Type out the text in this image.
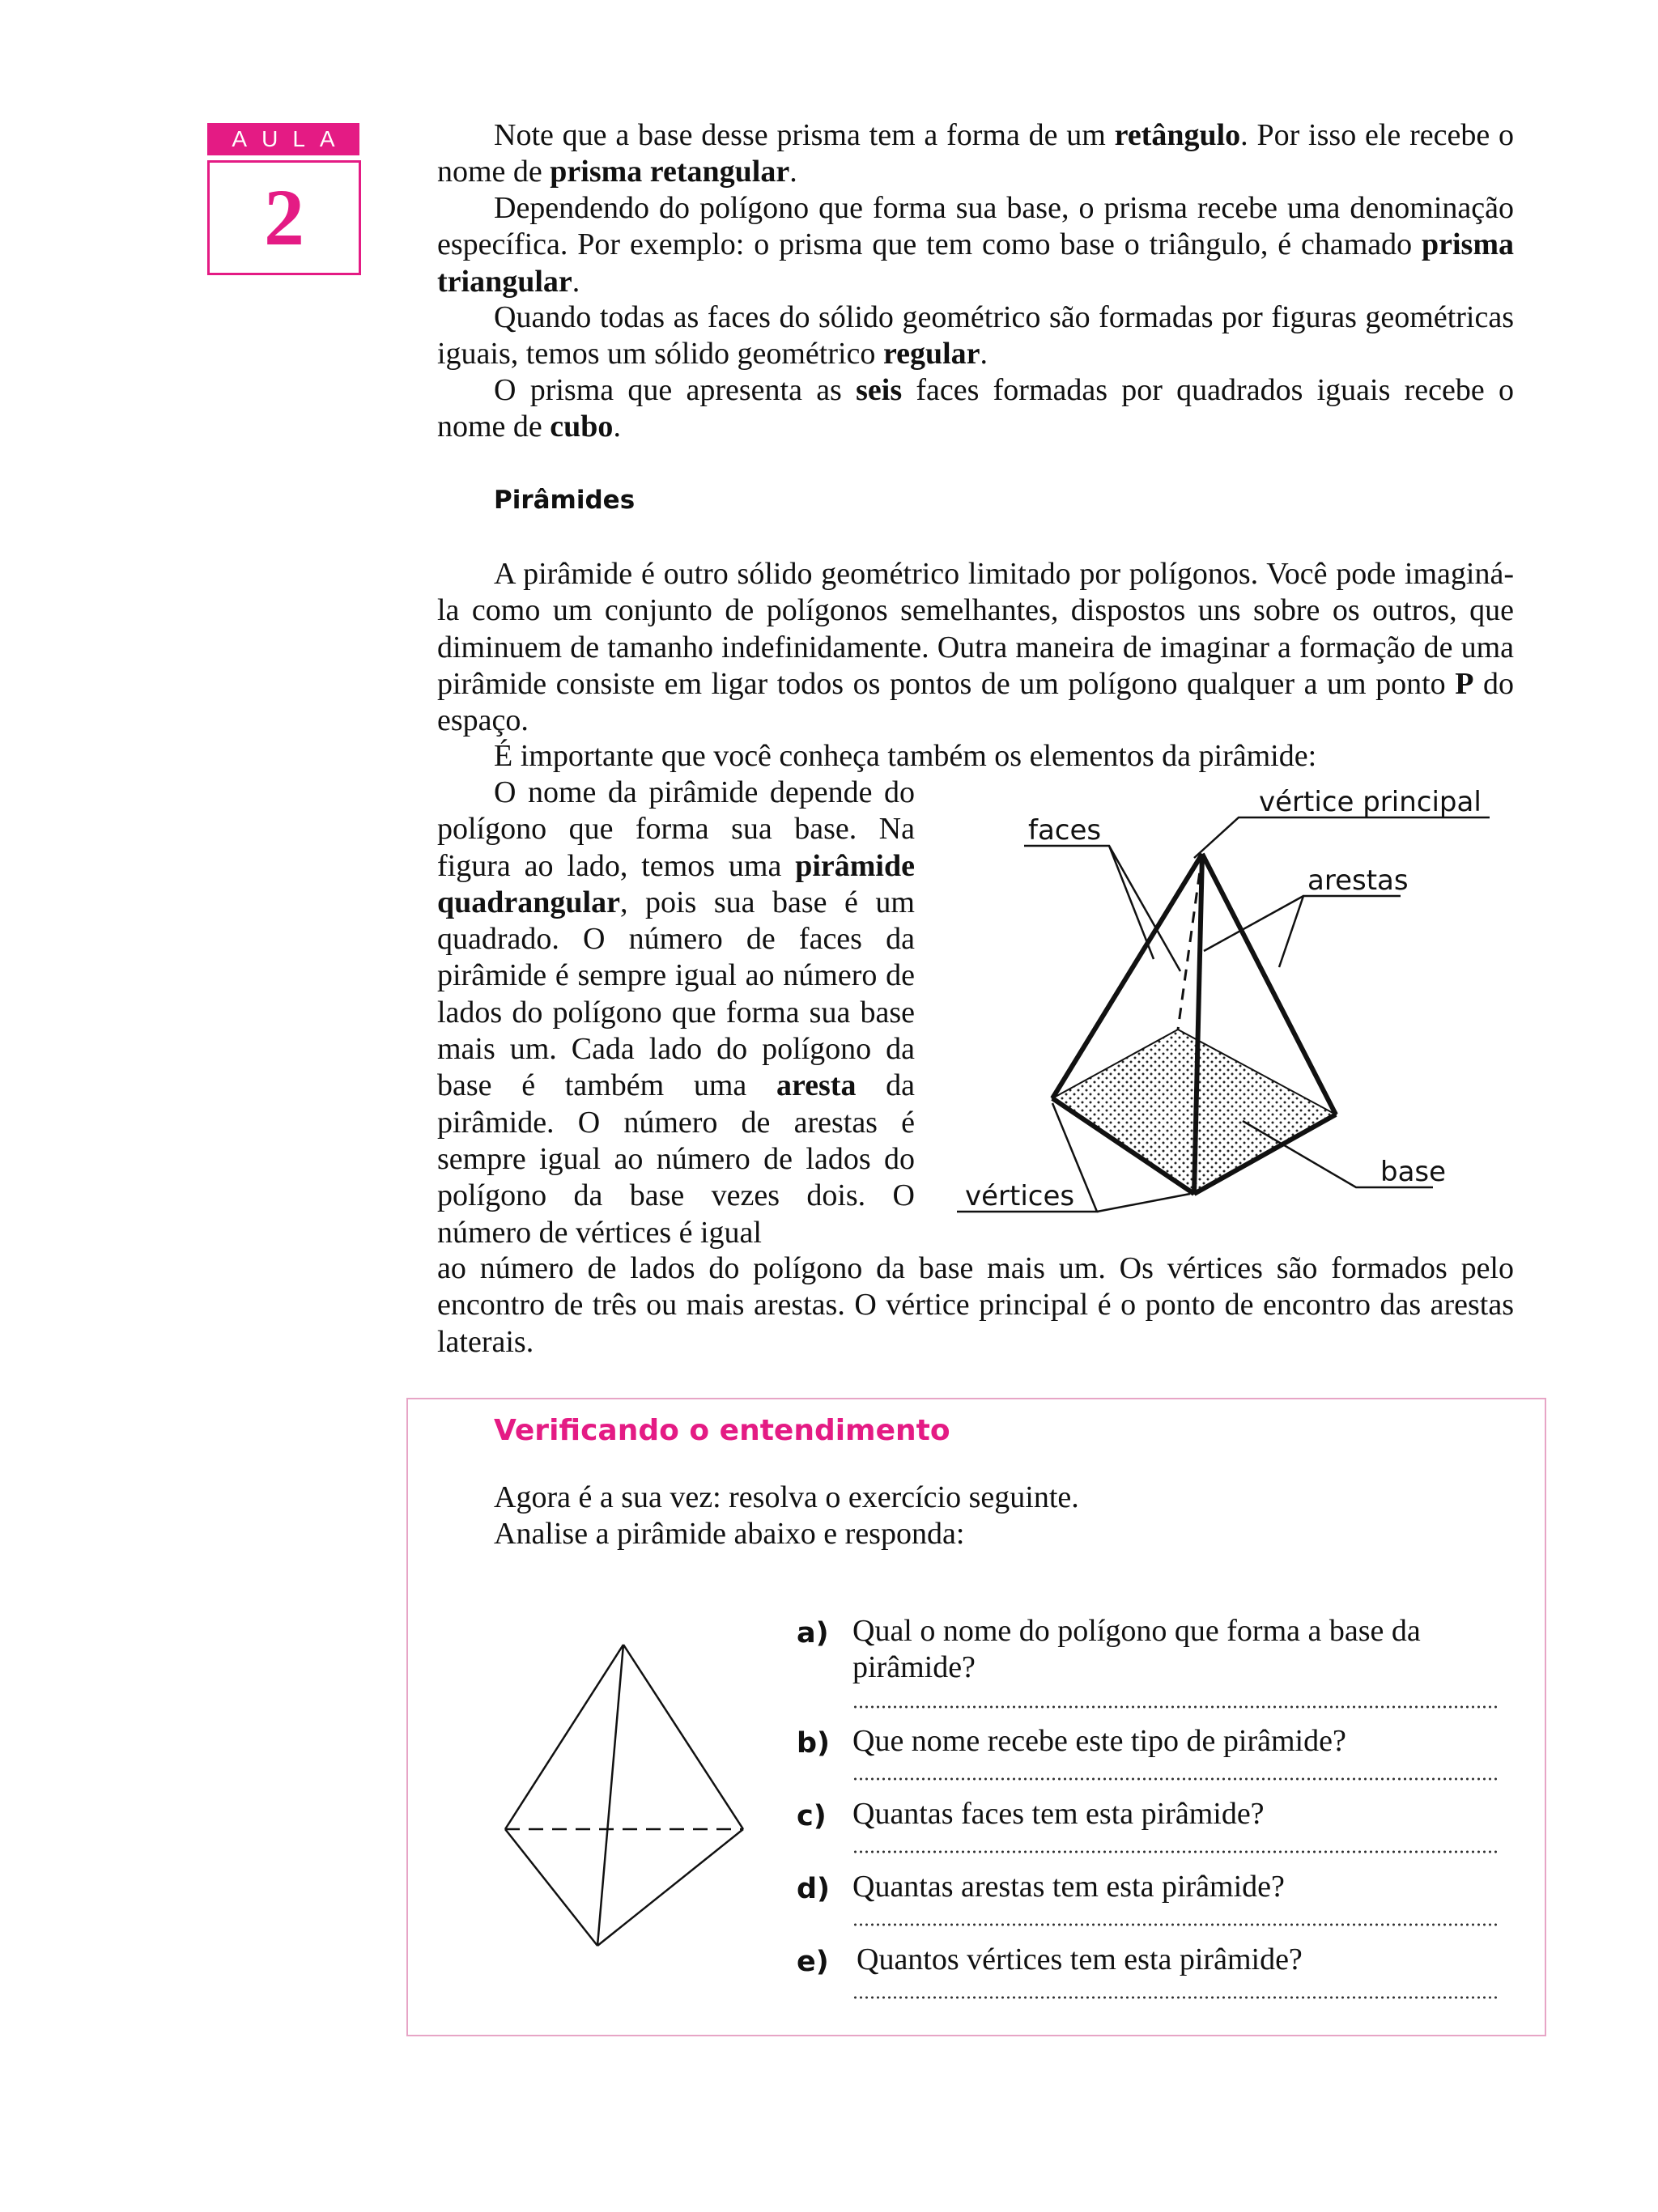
AULA
2

Note que a base desse prisma tem a forma de um retângulo. Por isso ele recebe o nome de prisma retangular.

Dependendo do polígono que forma sua base, o prisma recebe uma denominação específica. Por exemplo: o prisma que tem como base o triângulo, é chamado prisma triangular.

Quando todas as faces do sólido geométrico são formadas por figuras geométricas iguais, temos um sólido geométrico regular.

O prisma que apresenta as seis faces formadas por quadrados iguais recebe o nome de cubo.

Pirâmides

A pirâmide é outro sólido geométrico limitado por polígonos. Você pode imaginá-la como um conjunto de polígonos semelhantes, dispostos uns sobre os outros, que diminuem de tamanho indefinidamente. Outra maneira de imaginar a formação de uma pirâmide consiste em ligar todos os pontos de um polígono qualquer a um ponto P do espaço.

É importante que você conheça também os elementos da pirâmide:

O nome da pirâmide depende do polígono que forma sua base. Na figura ao lado, temos uma pirâmide quadrangular, pois sua base é um quadrado. O número de faces da pirâmide é sempre igual ao número de lados do polígono que forma sua base mais um. Cada lado do polígono da base é também uma aresta da pirâmide. O número de arestas é sempre igual ao número de lados do polígono da base vezes dois. O número de vértices é igual

ao número de lados do polígono da base mais um. Os vértices são formados pelo encontro de três ou mais arestas. O vértice principal é o ponto de encontro das arestas laterais.

faces
vértice principal
arestas
base
vértices
Verificando o entendimento
Agora é a sua vez: resolva o exercício seguinte.
Analise a pirâmide abaixo e responda:
a) Qual o nome do polígono que forma a base da pirâmide?
b) Que nome recebe este tipo de pirâmide?
c) Quantas faces tem esta pirâmide?
d) Quantas arestas tem esta pirâmide?
e) Quantos vértices tem esta pirâmide?
